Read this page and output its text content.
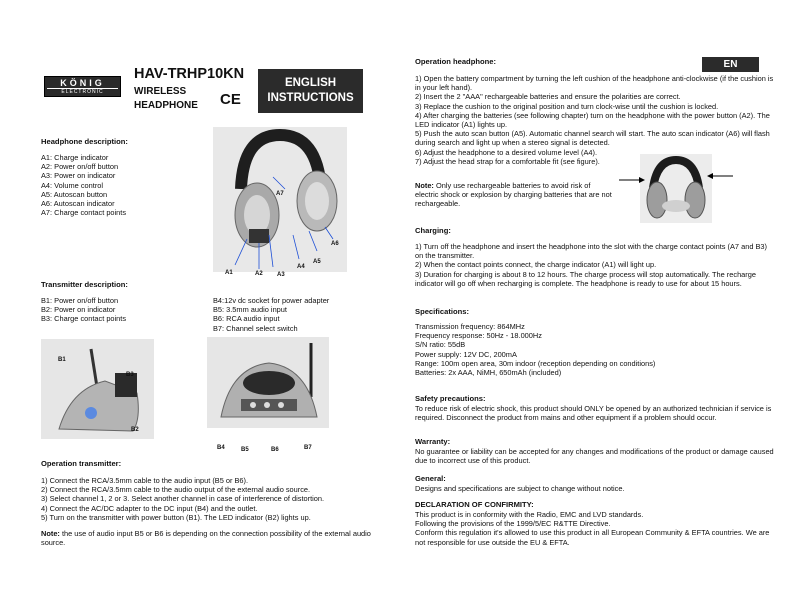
KÖNIG
ELECTRONIC
HAV-TRHP10KN
WIRELESS
HEADPHONE CE
ENGLISH
INSTRUCTIONS
Headphone description:
A1: Charge indicator
A2: Power on/off button
A3: Power on indicator
A4: Volume control
A5: Autoscan button
A6: Autoscan indicator
A7: Charge contact points
A7
A6
A5
A4
A3
A2
A1
Transmitter description:
B1: Power on/off button
B2: Power on indicator
B3: Charge contact points
B4:12v dc socket for power adapter
B5: 3.5mm audio input
B6: RCA audio input
B7: Channel select switch
B1
B3
B2
B4	B5	B6	B7
Operation transmitter:
1) Connect the RCA/3.5mm cable to the audio input (B5 or B6).
2) Connect the RCA/3.5mm cable to the audio output of the external audio source.
3) Select channel 1, 2 or 3. Select another channel in case of interference of distortion.
4) Connect the AC/DC adapter to the DC input (B4) and the outlet.
5) Turn on the transmitter with power button (B1). The LED indicator (B2) lights up.
Note: the use of audio input B5 or B6 is depending on the connection possibility of the external audio source.
Operation headphone:	EN
1) Open the battery compartment by turning the left cushion of the headphone anti-clockwise (if the cushion is in your left hand).
2) Insert the 2 "AAA" rechargeable batteries and ensure the polarities are correct.
3) Replace the cushion to the original position and turn clock-wise until the cushion is locked.
4) After charging the batteries (see following chapter) turn on the headphone with the power button (A2). The LED indicator (A1) lights up.
5) Push the auto scan button (A5). Automatic channel search will start. The auto scan indicator (A6) will flash during search and light up when a stereo signal is detected.
6) Adjust the headphone to a desired volume level (A4).
7) Adjust the head strap for a comfortable fit (see figure).
Note: Only use rechargeable batteries to avoid risk of electric shock or explosion by charging batteries that are not rechargeable.
Charging:
1) Turn off the headphone and insert the headphone into the slot with the charge contact points (A7 and B3) on the transmitter.
2) When the contact points connect, the charge indicator (A1) will light up.
3) Duration for charging is about 8 to 12 hours. The charge process will stop automatically. The recharge indicator will go off when recharging is complete. The headphone is ready to use for about 15 hours.
Specifications:
Transmission frequency: 864MHz
Frequency response: 50Hz - 18.000Hz
S/N ratio: 55dB
Power supply: 12V DC, 200mA
Range: 100m open area, 30m indoor (reception depending on conditions)
Batteries: 2x AAA, NiMH, 650mAh (included)
Safety precautions:
To reduce risk of electric shock, this product should ONLY be opened by an authorized technician if service is required. Disconnect the product from mains and other equipment if a problem should occur.
Warranty:
No guarantee or liability can be accepted for any changes and modifications of the product or damage caused due to incorrect use of this product.
General:
Designs and specifications are subject to change without notice.
DECLARATION OF CONFIRMITY:
This product is in conformity with the Radio, EMC and LVD standards.
Following the provisions of the 1999/5/EC R&TTE Directive.
Conform this regulation it's allowed to use this product in all European Community & EFTA countries. We are not responsible for use outside the EU & EFTA.
